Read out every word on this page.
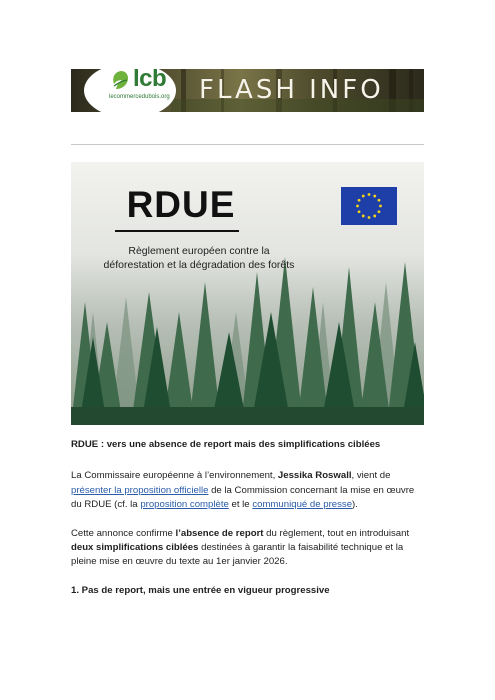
lcb
lecommercedubois.org FLASH INFO
RDUE
Règlement européen contre la
déforestation et la dégradation des forêts

RDUE : vers une absence de report mais des simplifications ciblées

La Commissaire européenne à l’environnement, Jessika Roswall, vient de présenter la proposition officielle de la Commission concernant la mise en œuvre du RDUE (cf. la proposition complète et le communiqué de presse).

Cette annonce confirme l’absence de report du règlement, tout en introduisant deux simplifications ciblées destinées à garantir la faisabilité technique et la pleine mise en œuvre du texte au 1er janvier 2026.

1. Pas de report, mais une entrée en vigueur progressive
